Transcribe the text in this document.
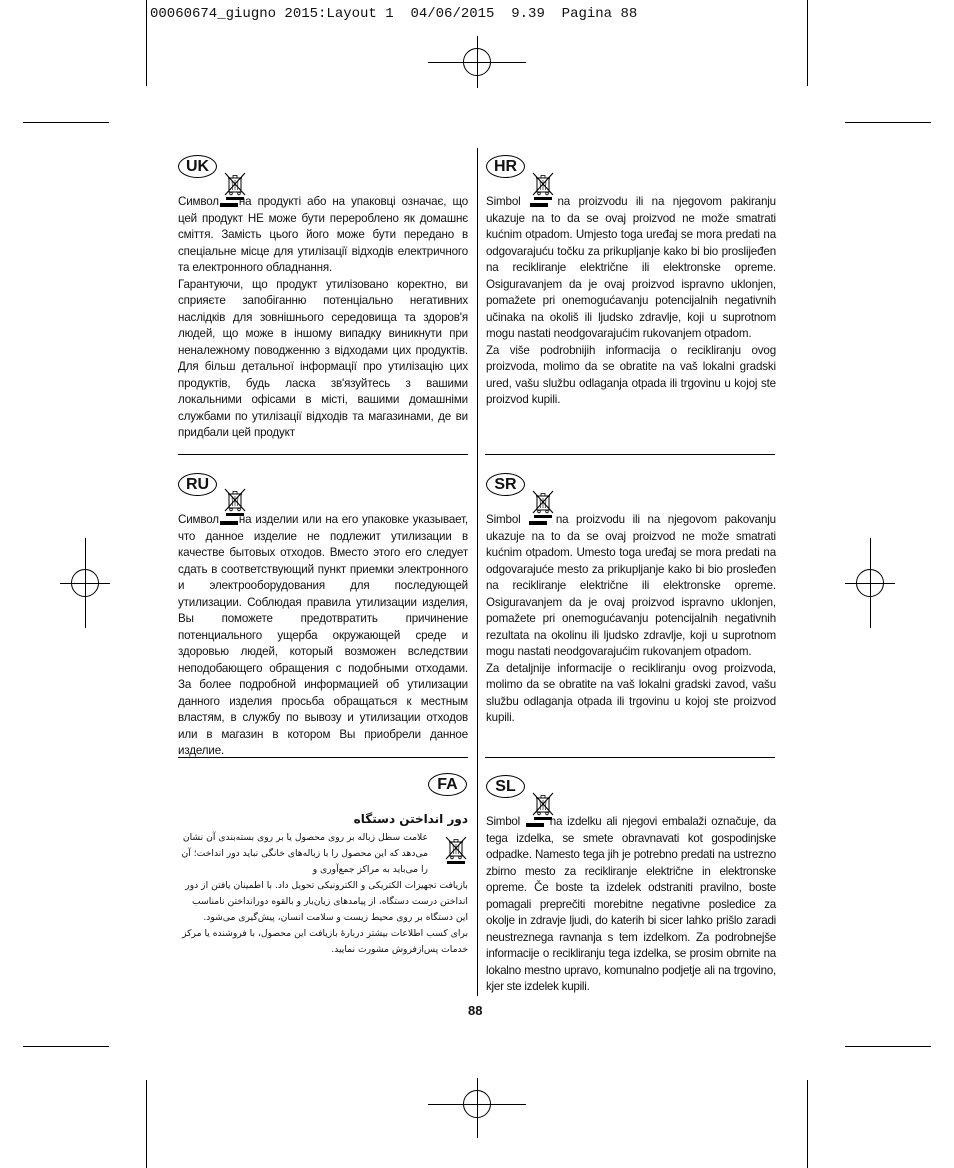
00060674_giugno 2015:Layout 1  04/06/2015  9.39  Pagina 88
UK

Символ на продукті або на упаковці означає, що цей продукт НЕ може бути перероблено як домашнє сміття. Замість цього його може бути передано в спеціальне місце для утилізації відходів електричного та електронного обладнання.

Гарантуючи, що продукт утилізовано коректно, ви сприяєте запобіганню потенціально негативних наслідків для зовнішнього середовища та здоров'я людей, що може в іншому випадку виникнути при неналежному поводженню з відходами цих продуктів. Для більш детальної інформації про утилізацію цих продуктів, будь ласка зв'язуйтесь з вашими локальними офісами в місті, вашими домашніми службами по утилізації відходів та магазинами, де ви придбали цей продукт

HR

Simbol	na proizvodu ili na njegovom pakiranju ukazuje na to da se ovaj proizvod ne može smatrati kućnim otpadom. Umjesto toga uređaj se mora predati na odgovarajuću točku za prikupljanje kako bi bio proslijeđen na recikliranje električne ili elektronske opreme. Osiguravanjem da je ovaj proizvod ispravno uklonjen, pomažete pri onemogućavanju potencijalnih negativnih učinaka na okoliš ili ljudsko zdravlje, koji u suprotnom mogu nastati neodgovarajućim rukovanjem otpadom.

Za više podrobnijih informacija o recikliranju ovog proizvoda, molimo da se obratite na vaš lokalni gradski ured, vašu službu odlaganja otpada ili trgovinu u kojoj ste proizvod kupili.

RU

Символ на изделии или на его упаковке указывает, что данное изделие не подлежит утилизации в качестве бытовых отходов. Вместо этого его следует сдать в соответствующий пункт приемки электронного и электрооборудования для последующей утилизации. Соблюдая правила утилизации изделия, Вы поможете предотвратить причинение потенциального ущерба окружающей среде и здоровью людей, который возможен вследствии неподобающего обращения с подобными отходами. За более подробной информацией об утилизации данного изделия просьба обращаться к местным властям, в службу по вывозу и утилизации отходов или в магазин в котором Вы приобрели данное изделие.

SR

Simbol	na proizvodu ili na njegovom pakovanju ukazuje na to da se ovaj proizvod ne može smatrati kućnim otpadom. Umesto toga uređaj se mora predati na odgovarajuće mesto za prikupljanje kako bi bio prosleđen na recikliranje električne ili elektronske opreme. Osiguravanjem da je ovaj proizvod ispravno uklonjen, pomažete pri onemogućavanju potencijalnih negativnih rezultata na okolinu ili ljudsko zdravlje, koji u suprotnom mogu nastati neodgovarajućim rukovanjem otpadom.

Za detaljnije informacije o recikliranju ovog proizvoda, molimo da se obratite na vaš lokalni gradski zavod, vašu službu odlaganja otpada ili trgovinu u kojoj ste proizvod kupili.

FA
دور انداختن دستگاه
علامت سطل زباله بر روی محصول یا بر روی بسته‌بندی آن نشان می‌دهد که این محصول را با زباله‌های خانگی نباید دور انداخت؛ آن را می‌باید به مراکز جمع‌آوری و
بازیافت تجهیزات الکتریکی و الکترونیکی تحویل داد. با اطمینان یافتن از دور انداختن درست دستگاه، از پیامدهای زیان‌بار و بالقوه دورانداختن نامناسب این دستگاه بر روی محیط زیست و سلامت انسان، پیش‌گیری می‌شود.
برای کسب اطلاعات بیشتر دربارهٔ بازیافت این محصول، با فروشنده یا مرکز خدمات پس‌ازفروش مشورت نمایید.
SL

Simbol	na izdelku ali njegovi embalaži označuje, da tega izdelka, se smete obravnavati kot gospodinjske odpadke. Namesto tega jih je potrebno predati na ustrezno zbirno mesto za recikliranje električne in elektronske opreme. Če boste ta izdelek odstraniti pravilno, boste pomagali preprečiti morebitne negativne posledice za okolje in zdravje ljudi, do katerih bi sicer lahko prišlo zaradi neustreznega ravnanja s tem izdelkom. Za podrobnejše informacije o recikliranju tega izdelka, se prosim obrnite na lokalno mestno upravo, komunalno podjetje ali na trgovino, kjer ste izdelek kupili.

88
